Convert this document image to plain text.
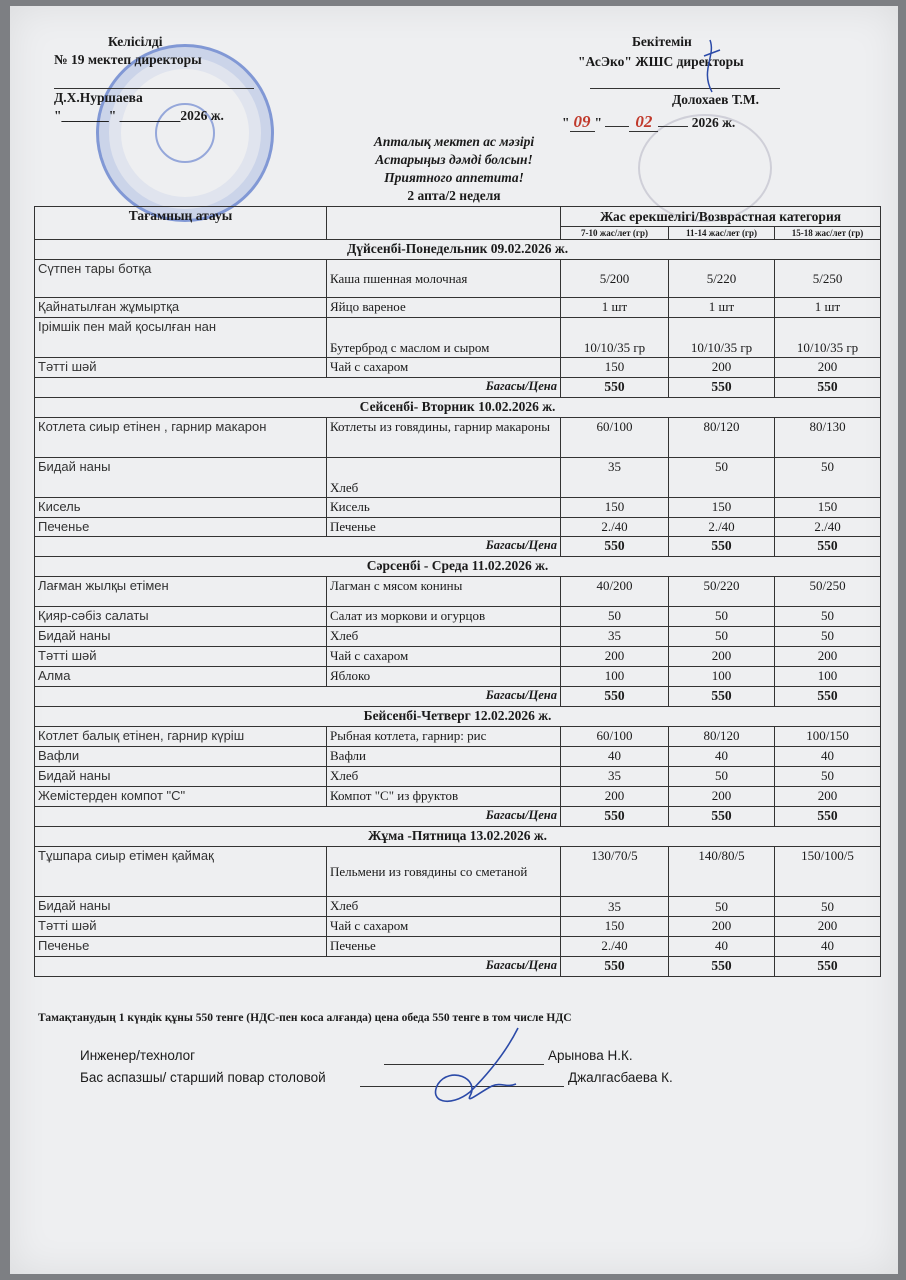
Келісілді
№ 19 мектеп директоры
Д.Х.Нуршаева
"_______" _________2026 ж.
Бекітемін
"АсЭко" ЖШС директоры
Долохаев Т.М.
" 09 " 02	2026 ж.
Апталық мектеп ас мәзірі
Астарыңыз дәмді болсын!
Приятного аппетита!
2 апта/2 неделя
Тағамның атауы		Жас ерекшелігі/Возврастная категория		
		7-10 жас/лет (гр)	11-14 жас/лет (гр)	15-18 жас/лет (гр)
Дүйсенбі-Понедельник 09.02.2026 ж.				
Сүтпен тары ботқа	Каша пшенная молочная	5/200	5/220	5/250
Қайнатылған жұмыртқа	Яйцо вареное	1 шт	1 шт	1 шт
Ірімшік пен май қосылған нан	Бутерброд с маслом и сыром	10/10/35 гр	10/10/35 гр	10/10/35 гр
Тәтті шәй	Чай с сахаром	150	200	200
Багасы/Цена		550	550	550
Сейсенбі- Вторник 10.02.2026 ж.				
Котлета сиыр етінен , гарнир макарон	Котлеты из говядины, гарнир макароны	60/100	80/120	80/130
Бидай наны	Хлеб	35	50	50
Кисель	Кисель	150	150	150
Печенье	Печенье	2./40	2./40	2./40
Багасы/Цена		550	550	550
Сәрсенбі - Среда 11.02.2026 ж.				
Лағман жылқы етімен	Лагман с мясом конины	40/200	50/220	50/250
Қияр-сәбіз салаты	Салат из моркови и огурцов	50	50	50
Бидай наны	Хлеб	35	50	50
Тәтті шәй	Чай с сахаром	200	200	200
Алма	Яблоко	100	100	100
Багасы/Цена		550	550	550
Бейсенбі-Четверг 12.02.2026 ж.				
Котлет балық етінен, гарнир күріш	Рыбная котлета, гарнир: рис	60/100	80/120	100/150
Вафли	Вафли	40	40	40
Бидай наны	Хлеб	35	50	50
Жемістерден компот "С"	Компот "С" из фруктов	200	200	200
Багасы/Цена		550	550	550
Жұма -Пятница 13.02.2026 ж.				
Тұшпара сиыр етімен қаймақ	Пельмени из говядины со сметаной	130/70/5	140/80/5	150/100/5
Бидай наны	Хлеб	35	50	50
Тәтті шәй	Чай с сахаром	150	200	200
Печенье	Печенье	2./40	40	40
Багасы/Цена		550	550	550
Тамақтанудың 1 күндік құны 550 тенге (НДС-пен коса алғанда) цена обеда 550 тенге в том числе НДС
Инженер/технолог	Арынова Н.К.
Бас аспазшы/ старший повар столовой	Джалгасбаева К.
